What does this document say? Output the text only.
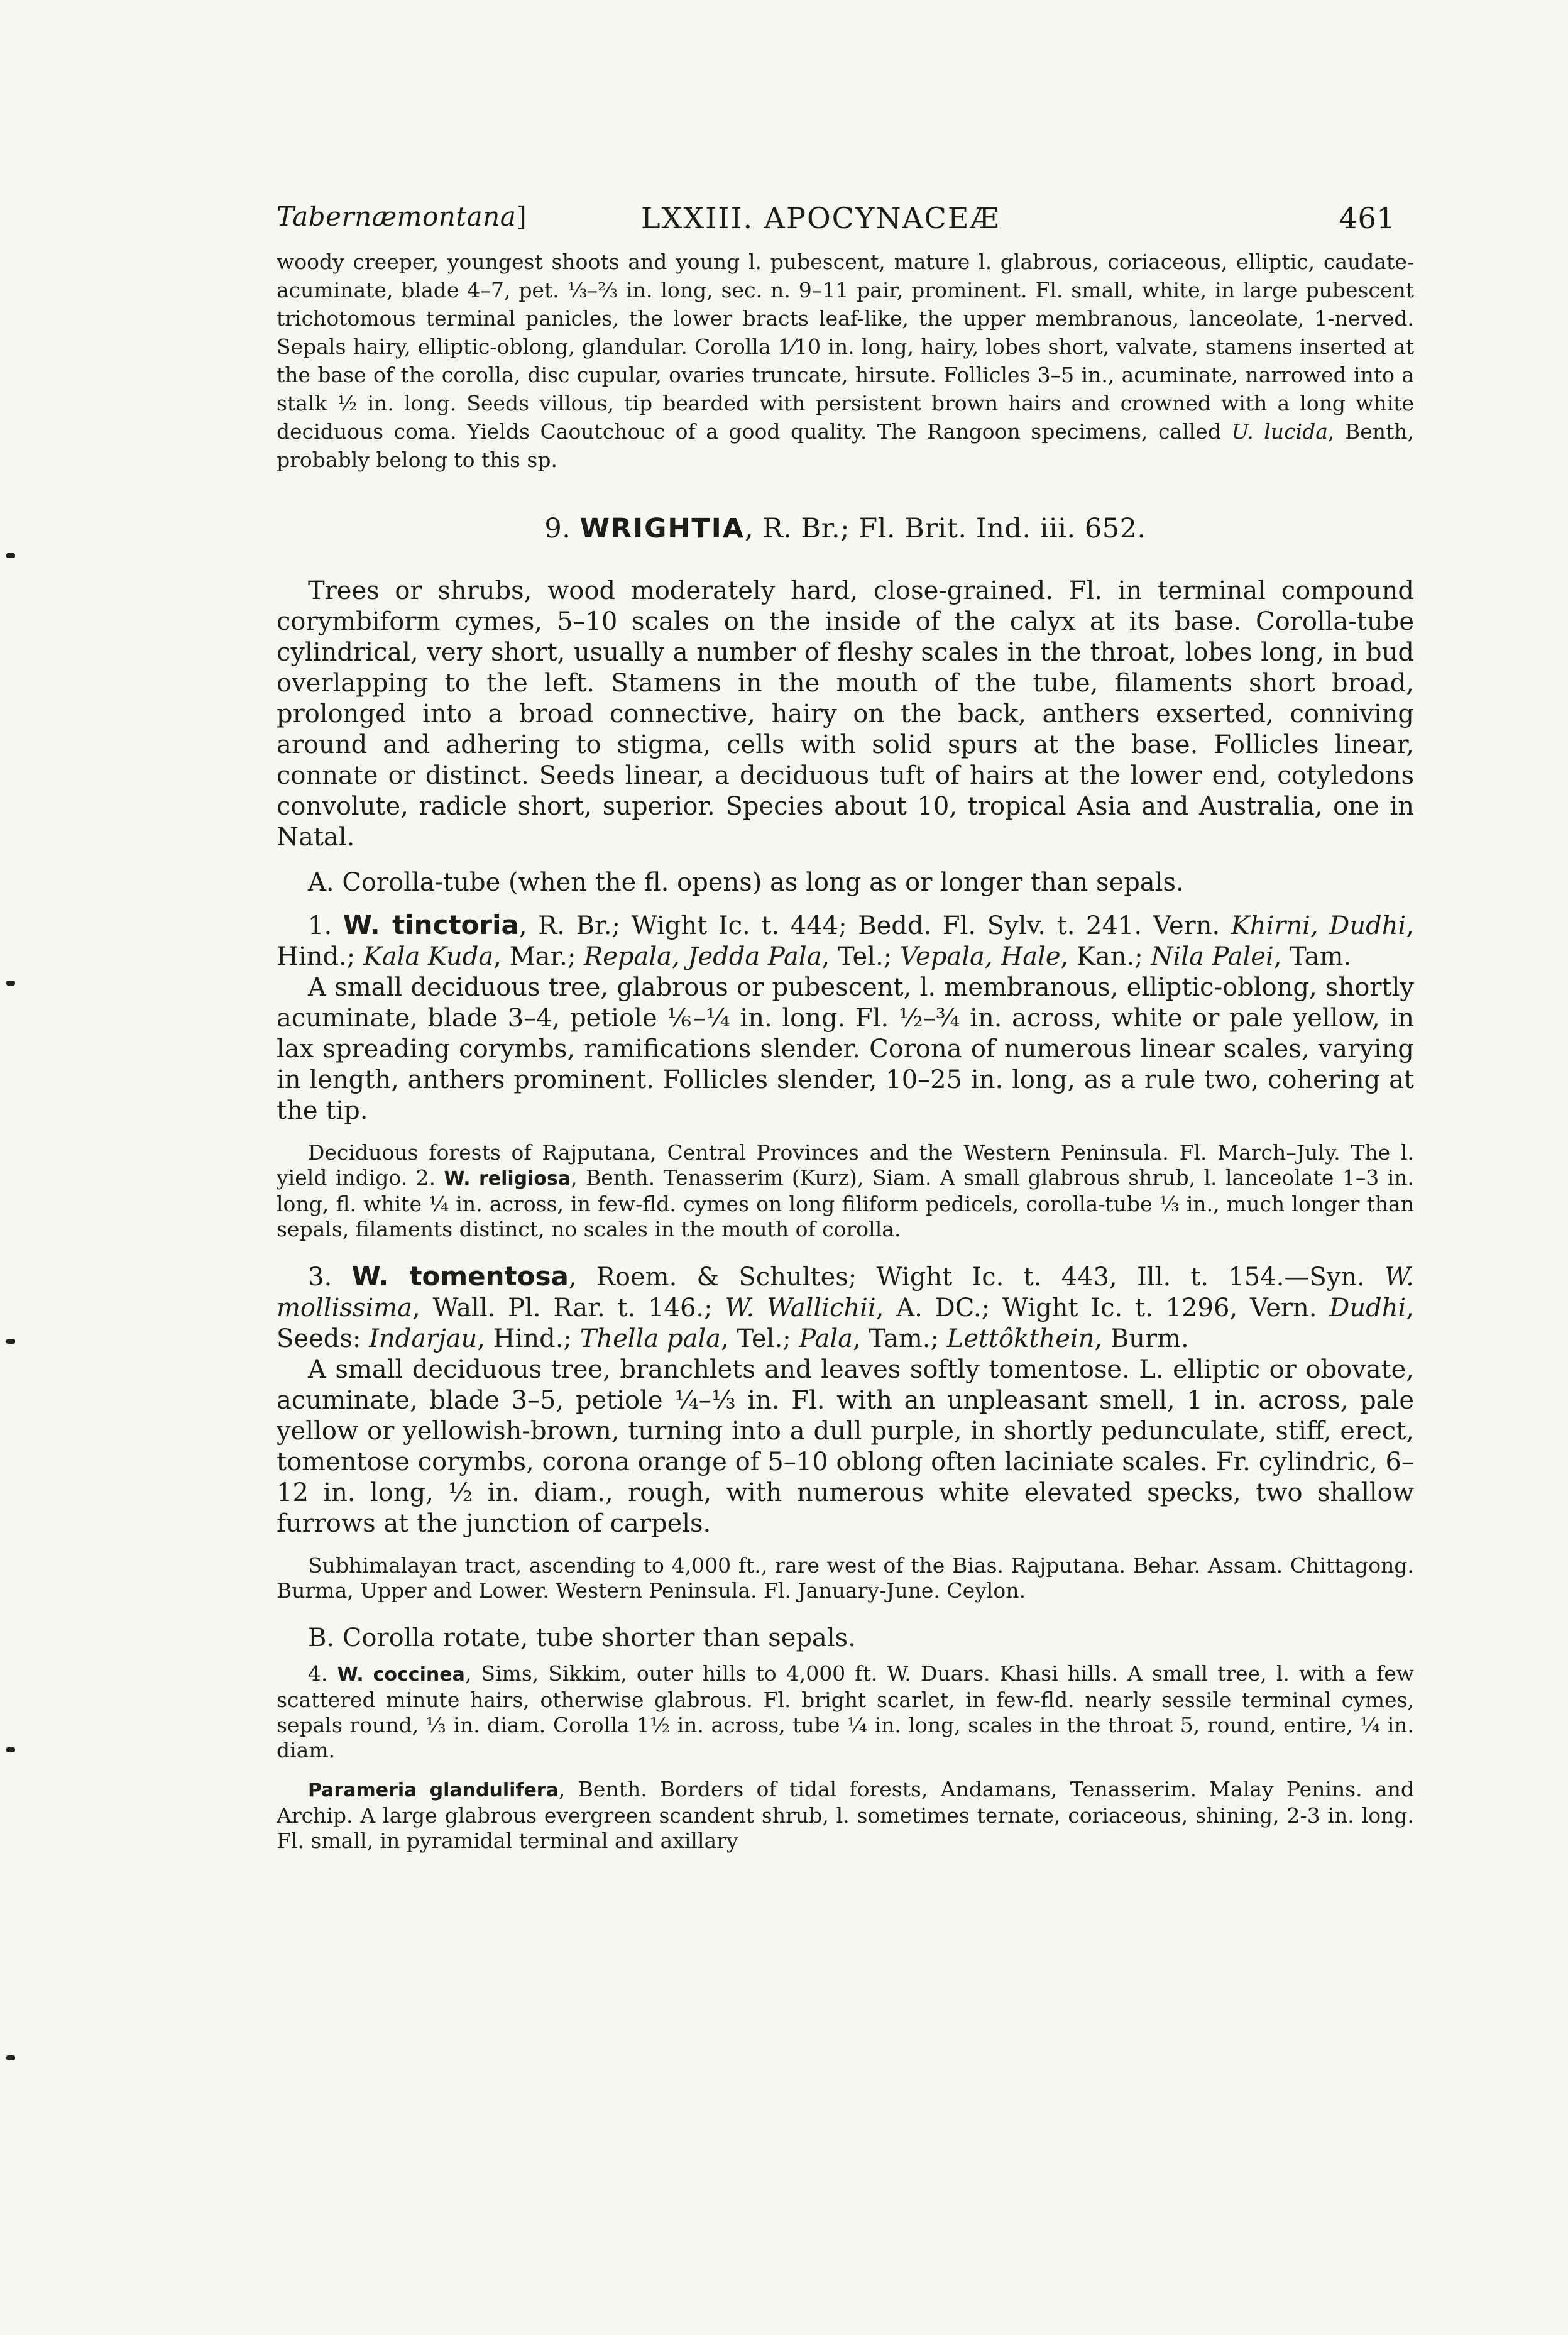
Tabernæmontana]	LXXIII. APOCYNACEÆ	461

woody creeper, youngest shoots and young l. pubescent, mature l. glabrous, coriaceous, elliptic, caudate-acuminate, blade 4–7, pet. ⅓–⅔ in. long, sec. n. 9–11 pair, prominent. Fl. small, white, in large pubescent trichotomous terminal panicles, the lower bracts leaf-like, the upper membranous, lanceolate, 1-nerved. Sepals hairy, elliptic-oblong, glandular. Corolla 1⁄10 in. long, hairy, lobes short, valvate, stamens inserted at the base of the corolla, disc cupular, ovaries truncate, hirsute. Follicles 3–5 in., acuminate, narrowed into a stalk ½ in. long. Seeds villous, tip bearded with persistent brown hairs and crowned with a long white deciduous coma. Yields Caoutchouc of a good quality. The Rangoon specimens, called U. lucida, Benth, probably belong to this sp.

9. WRIGHTIA, R. Br.; Fl. Brit. Ind. iii. 652.

Trees or shrubs, wood moderately hard, close-grained. Fl. in terminal compound corymbiform cymes, 5–10 scales on the inside of the calyx at its base. Corolla-tube cylindrical, very short, usually a number of fleshy scales in the throat, lobes long, in bud overlapping to the left. Stamens in the mouth of the tube, filaments short broad, prolonged into a broad connective, hairy on the back, anthers exserted, conniving around and adhering to stigma, cells with solid spurs at the base. Follicles linear, connate or distinct. Seeds linear, a deciduous tuft of hairs at the lower end, cotyledons convolute, radicle short, superior. Species about 10, tropical Asia and Australia, one in Natal.

A. Corolla-tube (when the fl. opens) as long as or longer than sepals.

1. W. tinctoria, R. Br.; Wight Ic. t. 444; Bedd. Fl. Sylv. t. 241. Vern. Khirni, Dudhi, Hind.; Kala Kuda, Mar.; Repala, Jedda Pala, Tel.; Vepala, Hale, Kan.; Nila Palei, Tam.

A small deciduous tree, glabrous or pubescent, l. membranous, elliptic-oblong, shortly acuminate, blade 3–4, petiole ⅙–¼ in. long. Fl. ½–¾ in. across, white or pale yellow, in lax spreading corymbs, ramifications slender. Corona of numerous linear scales, varying in length, anthers prominent. Follicles slender, 10–25 in. long, as a rule two, cohering at the tip.

Deciduous forests of Rajputana, Central Provinces and the Western Peninsula. Fl. March–July. The l. yield indigo. 2. W. religiosa, Benth. Tenasserim (Kurz), Siam. A small glabrous shrub, l. lanceolate 1–3 in. long, fl. white ¼ in. across, in few-fld. cymes on long filiform pedicels, corolla-tube ⅓ in., much longer than sepals, filaments distinct, no scales in the mouth of corolla.

3. W. tomentosa, Roem. & Schultes; Wight Ic. t. 443, Ill. t. 154.—Syn. W. mollissima, Wall. Pl. Rar. t. 146.; W. Wallichii, A. DC.; Wight Ic. t. 1296, Vern. Dudhi, Seeds: Indarjau, Hind.; Thella pala, Tel.; Pala, Tam.; Lettôkthein, Burm.

A small deciduous tree, branchlets and leaves softly tomentose. L. elliptic or obovate, acuminate, blade 3–5, petiole ¼–⅓ in. Fl. with an unpleasant smell, 1 in. across, pale yellow or yellowish-brown, turning into a dull purple, in shortly pedunculate, stiff, erect, tomentose corymbs, corona orange of 5–10 oblong often laciniate scales. Fr. cylindric, 6–12 in. long, ½ in. diam., rough, with numerous white elevated specks, two shallow furrows at the junction of carpels.

Subhimalayan tract, ascending to 4,000 ft., rare west of the Bias. Rajputana. Behar. Assam. Chittagong. Burma, Upper and Lower. Western Peninsula. Fl. January-June. Ceylon.

B. Corolla rotate, tube shorter than sepals.

4. W. coccinea, Sims, Sikkim, outer hills to 4,000 ft. W. Duars. Khasi hills. A small tree, l. with a few scattered minute hairs, otherwise glabrous. Fl. bright scarlet, in few-fld. nearly sessile terminal cymes, sepals round, ⅓ in. diam. Corolla 1½ in. across, tube ¼ in. long, scales in the throat 5, round, entire, ¼ in. diam.

Parameria glandulifera, Benth. Borders of tidal forests, Andamans, Tenasserim. Malay Penins. and Archip. A large glabrous evergreen scandent shrub, l. sometimes ternate, coriaceous, shining, 2-3 in. long. Fl. small, in pyramidal terminal and axillary
